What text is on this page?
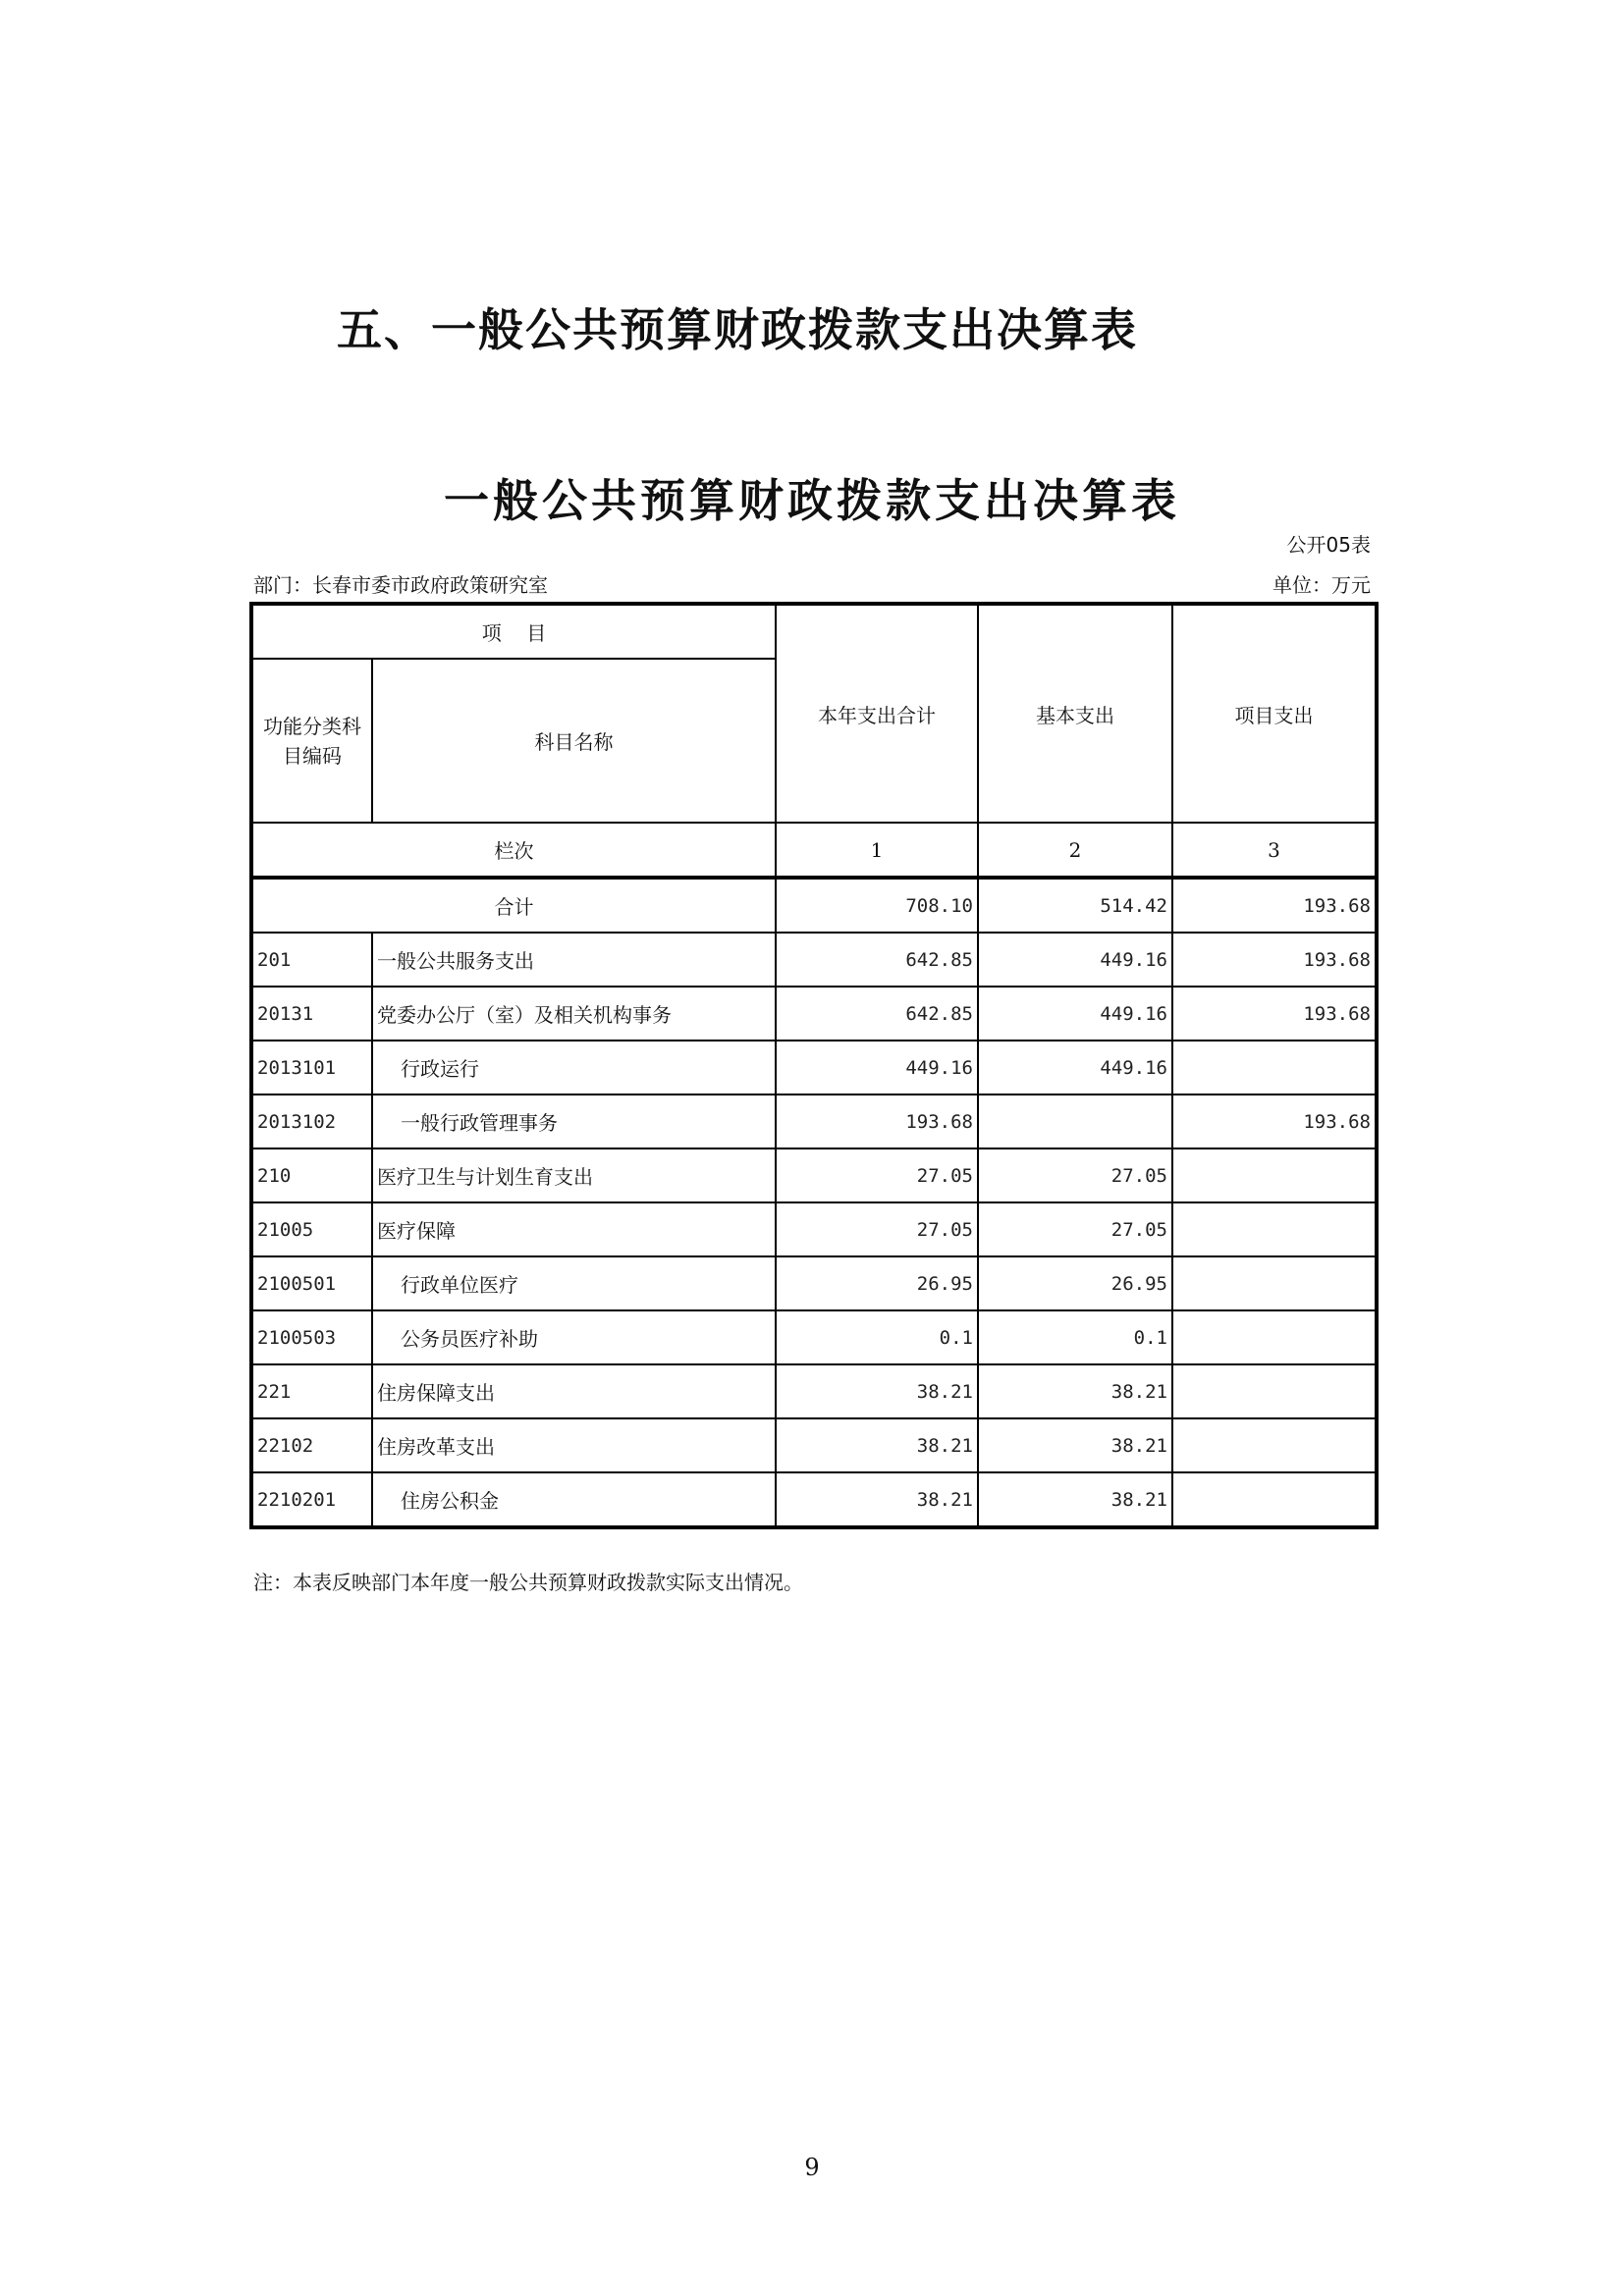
五、一般公共预算财政拨款支出决算表
一般公共预算财政拨款支出决算表
公开05表
部门：长春市委市政府政策研究室	单位：万元
项    目		本年支出合计	基本支出	项目支出
功能分类科目编码	科目名称			
栏次		1	2	3
合计		708.10	514.42	193.68
201	一般公共服务支出	642.85	449.16	193.68
20131	党委办公厅（室）及相关机构事务	642.85	449.16	193.68
2013101	行政运行	449.16	449.16	
2013102	一般行政管理事务	193.68		193.68
210	医疗卫生与计划生育支出	27.05	27.05	
21005	医疗保障	27.05	27.05	
2100501	行政单位医疗	26.95	26.95	
2100503	公务员医疗补助	0.1	0.1	
221	住房保障支出	38.21	38.21	
22102	住房改革支出	38.21	38.21	
2210201	住房公积金	38.21	38.21	
注：本表反映部门本年度一般公共预算财政拨款实际支出情况。
9
